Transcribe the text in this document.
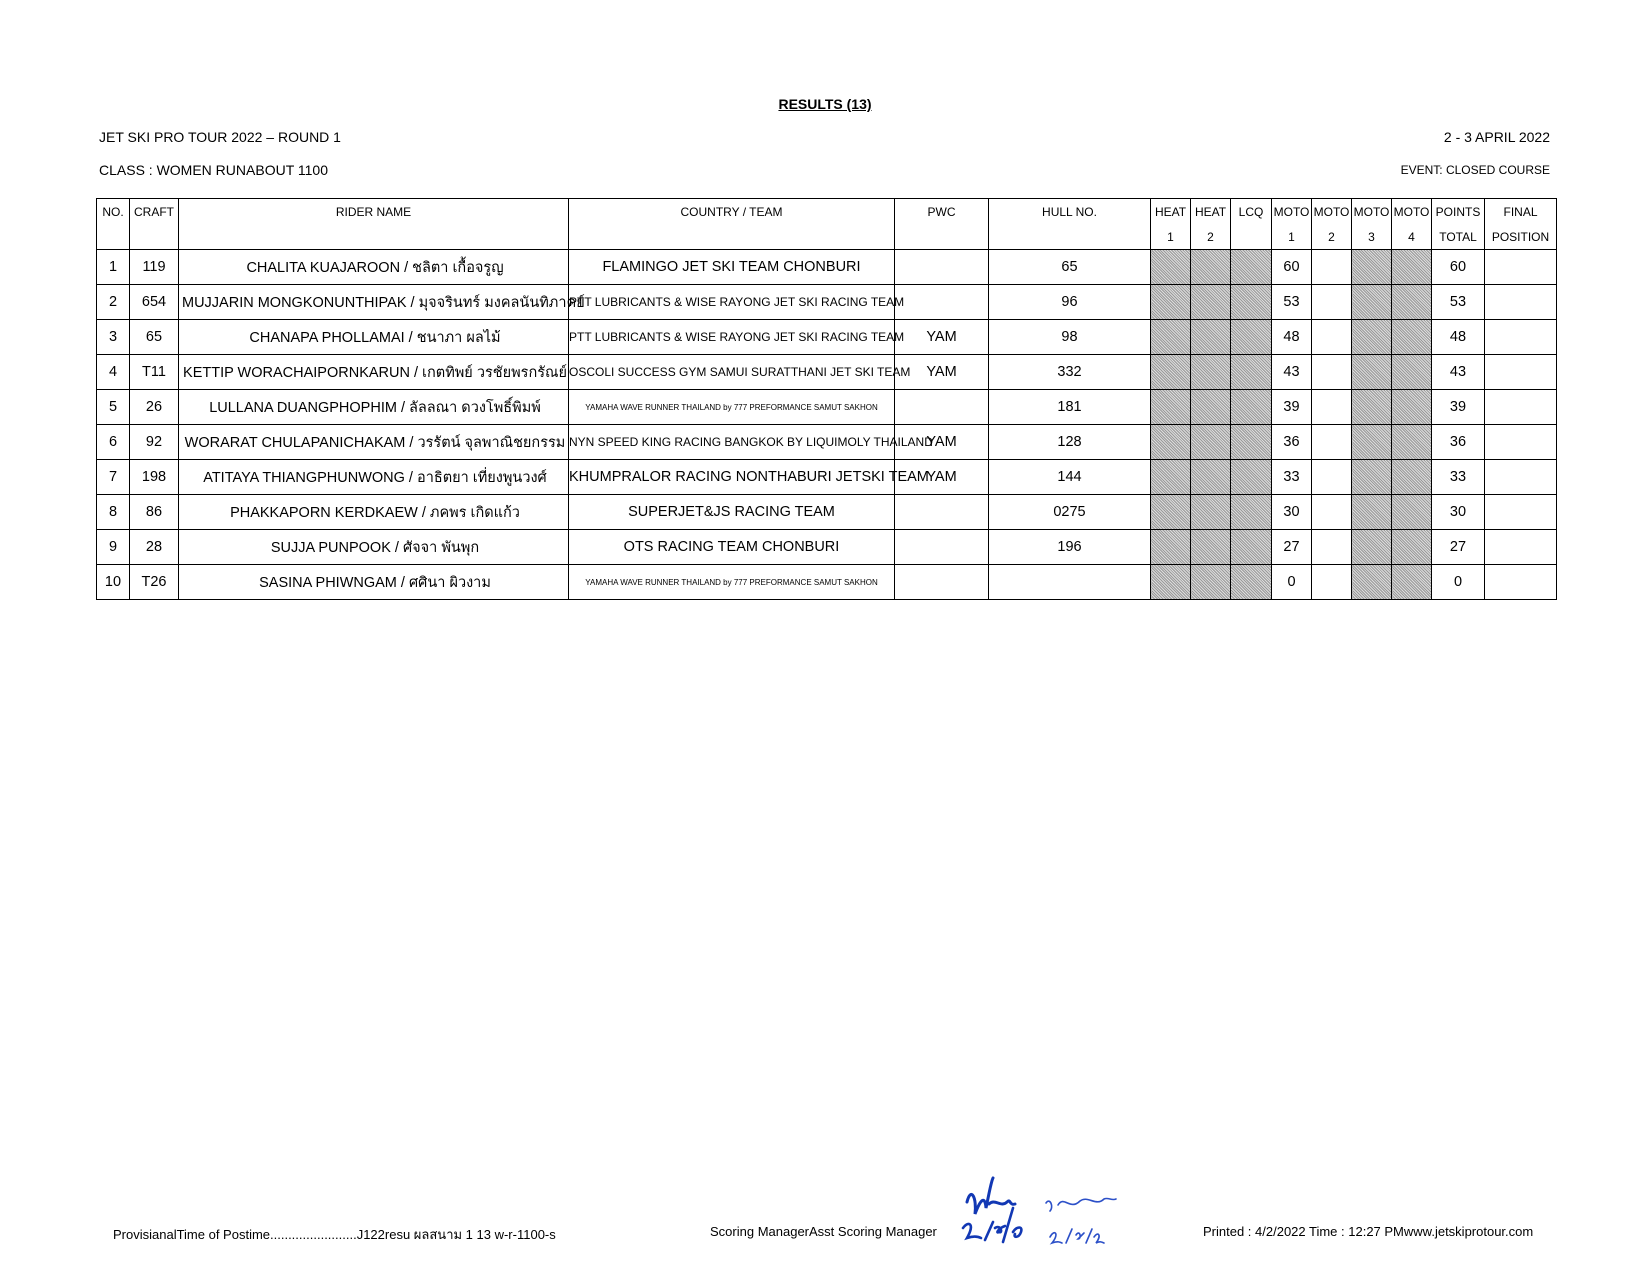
RESULTS (13)
JET SKI PRO TOUR 2022 – ROUND 1	2 - 3 APRIL 2022
CLASS : WOMEN RUNABOUT 1100	EVENT: CLOSED COURSE
NO.	CRAFT	RIDER NAME	COUNTRY / TEAM	PWC	HULL NO.	HEAT	HEAT	LCQ	MOTO	MOTO	MOTO	MOTO	POINTS	FINAL
						1	2		1	2	3	4	TOTAL	POSITION
1	119	CHALITA KUAJAROON / ชลิตา เกื้อจรูญ	FLAMINGO JET SKI TEAM CHONBURI		65				60				60	
2	654	MUJJARIN MONGKONUNTHIPAK / มุจจรินทร์ มงคลนันทิภาคย์	PTT LUBRICANTS & WISE RAYONG JET SKI RACING TEAM		96				53				53	
3	65	CHANAPA PHOLLAMAI / ชนาภา ผลไม้	PTT LUBRICANTS & WISE RAYONG JET SKI RACING TEAM	YAM	98				48				48	
4	T11	KETTIP WORACHAIPORNKARUN / เกตทิพย์ วรชัยพรกรัณย์	OSCOLI SUCCESS GYM SAMUI SURATTHANI JET SKI TEAM	YAM	332				43				43	
5	26	LULLANA DUANGPHOPHIM / ลัลลณา ดวงโพธิ์พิมพ์	YAMAHA WAVE RUNNER THAILAND by 777 PREFORMANCE SAMUT SAKHON		181				39				39	
6	92	WORARAT CHULAPANICHAKAM / วรรัตน์ จุลพาณิชยกรรม	NYN SPEED KING RACING BANGKOK BY LIQUIMOLY THAILAND	YAM	128				36				36	
7	198	ATITAYA THIANGPHUNWONG / อาธิตยา เที่ยงพูนวงศ์	KHUMPRALOR RACING NONTHABURI JETSKI TEAM	YAM	144				33				33	
8	86	PHAKKAPORN KERDKAEW / ภคพร เกิดแก้ว	SUPERJET&JS RACING TEAM		0275				30				30	
9	28	SUJJA PUNPOOK / ศัจจา พันพุก	OTS RACING TEAM CHONBURI		196				27				27	
10	T26	SASINA PHIWNGAM / ศศินา ผิวงาม	YAMAHA WAVE RUNNER THAILAND by 777 PREFORMANCE SAMUT SAKHON						0				0	
ProvisianalTime of Postime........................J122resu ผลสนาม 1 13 w-r-1100-s	Scoring ManagerAsst Scoring Manager	Printed : 4/2/2022 Time : 12:27 PMwww.jetskiprotour.com
